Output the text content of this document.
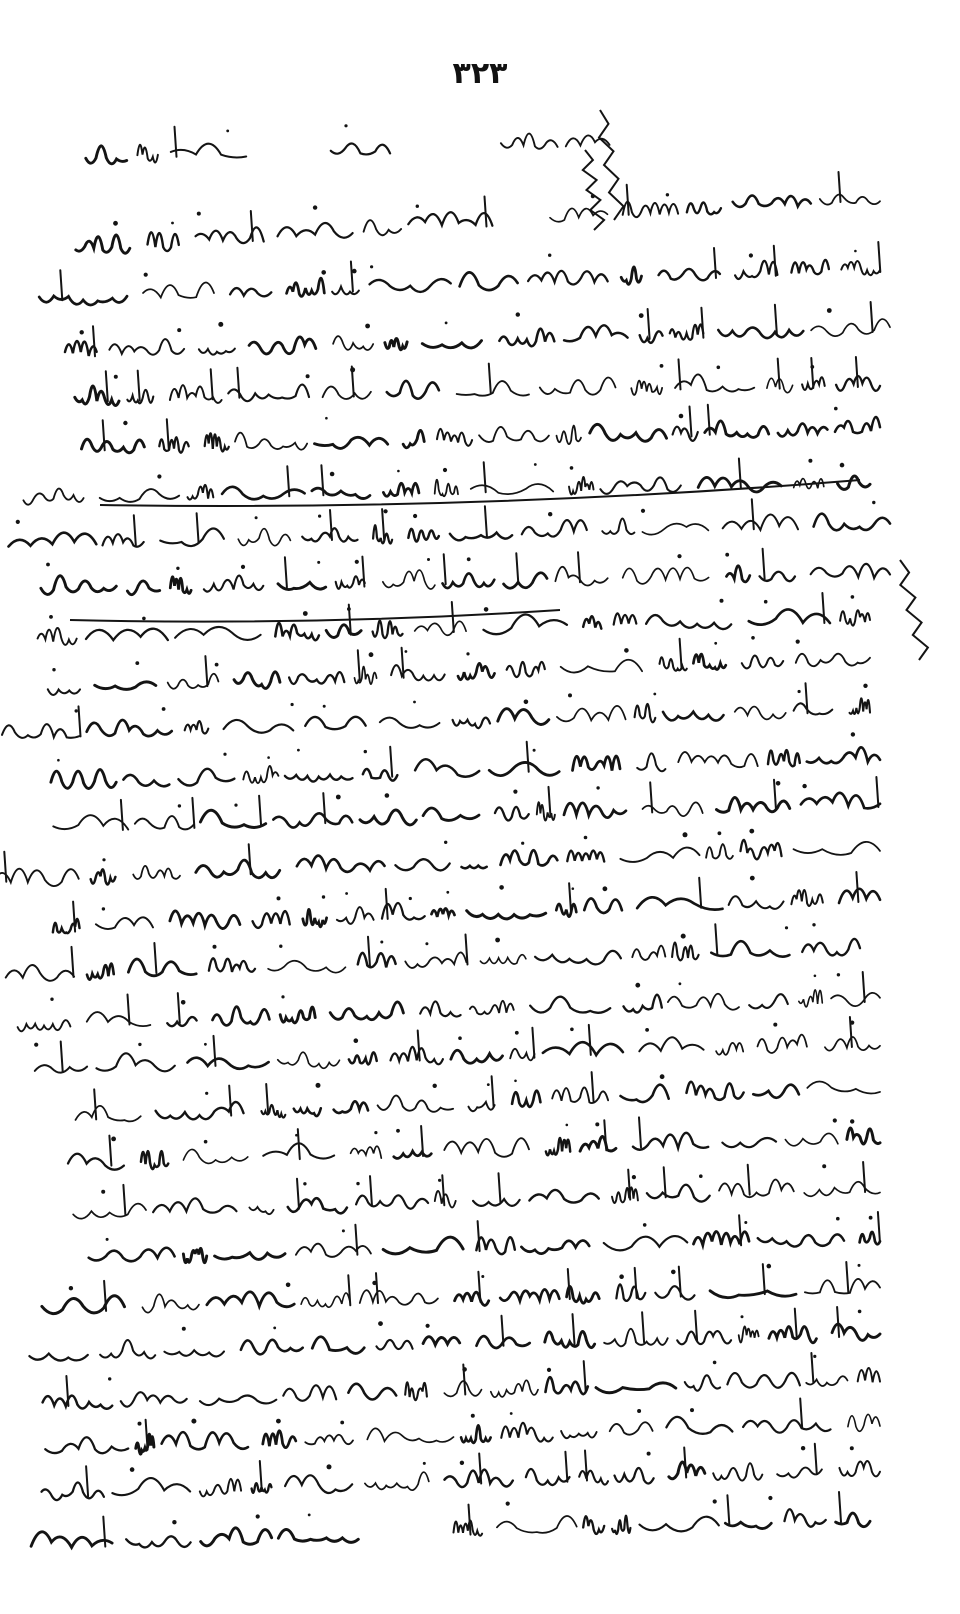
۳۲۳
